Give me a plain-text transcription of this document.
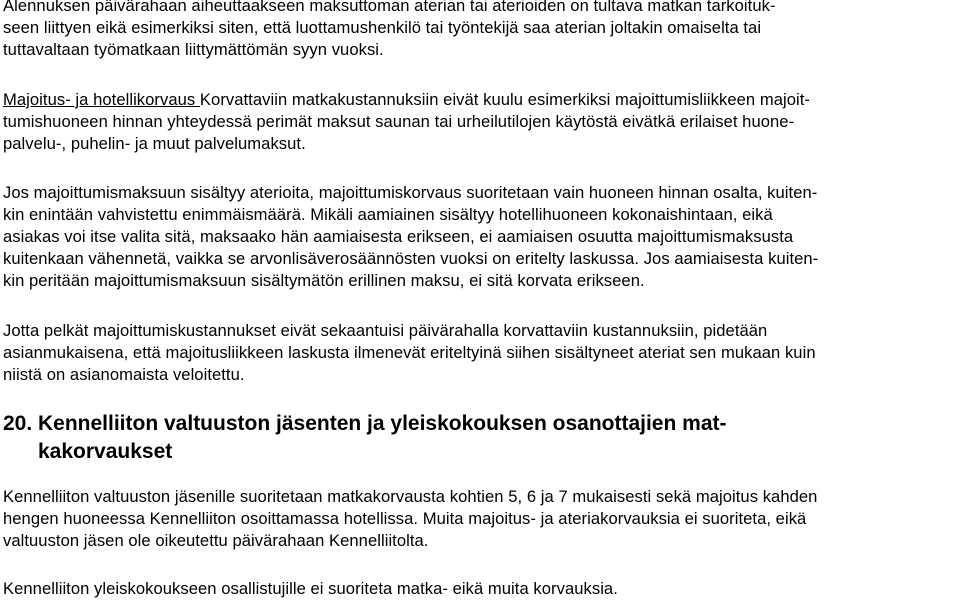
Alennuksen päivärahaan aiheuttaakseen maksuttoman aterian tai aterioiden on tultava matkan tarkoituk-
seen liittyen eikä esimerkiksi siten, että luottamushenkilö tai työntekijä saa aterian joltakin omaiselta tai
tuttavaltaan työmatkaan liittymättömän syyn vuoksi.
Majoitus- ja hotellikorvaus Korvattaviin matkakustannuksiin eivät kuulu esimerkiksi majoittumisliikkeen majoit-
tumishuoneen hinnan yhteydessä perimät maksut saunan tai urheilutilojen käytöstä eivätkä erilaiset huone-
palvelu-, puhelin- ja muut palvelumaksut.
Jos majoittumismaksuun sisältyy aterioita, majoittumiskorvaus suoritetaan vain huoneen hinnan osalta, kuiten-
kin enintään vahvistettu enimmäismäärä. Mikäli aamiainen sisältyy hotellihuoneen kokonaishintaan, eikä
asiakas voi itse valita sitä, maksaako hän aamiaisesta erikseen, ei aamiaisen osuutta majoittumismaksusta
kuitenkaan vähennetä, vaikka se arvonlisäverosäännösten vuoksi on eritelty laskussa. Jos aamiaisesta kuiten-
kin peritään majoittumismaksuun sisältymätön erillinen maksu, ei sitä korvata erikseen.
Jotta pelkät majoittumiskustannukset eivät sekaantuisi päivärahalla korvattaviin kustannuksiin, pidetään
asianmukaisena, että majoitusliikkeen laskusta ilmenevät eriteltyinä siihen sisältyneet ateriat sen mukaan kuin
niistä on asianomaista veloitettu.
20. Kennelliiton valtuuston jäsenten ja yleiskokouksen osanottajien mat-
kakorvaukset
Kennelliiton valtuuston jäsenille suoritetaan matkakorvausta kohtien 5, 6 ja 7 mukaisesti sekä majoitus kahden
hengen huoneessa Kennelliiton osoittamassa hotellissa. Muita majoitus- ja ateriakorvauksia ei suoriteta, eikä
valtuuston jäsen ole oikeutettu päivärahaan Kennelliitolta.
Kennelliiton yleiskokoukseen osallistujille ei suoriteta matka- eikä muita korvauksia.
